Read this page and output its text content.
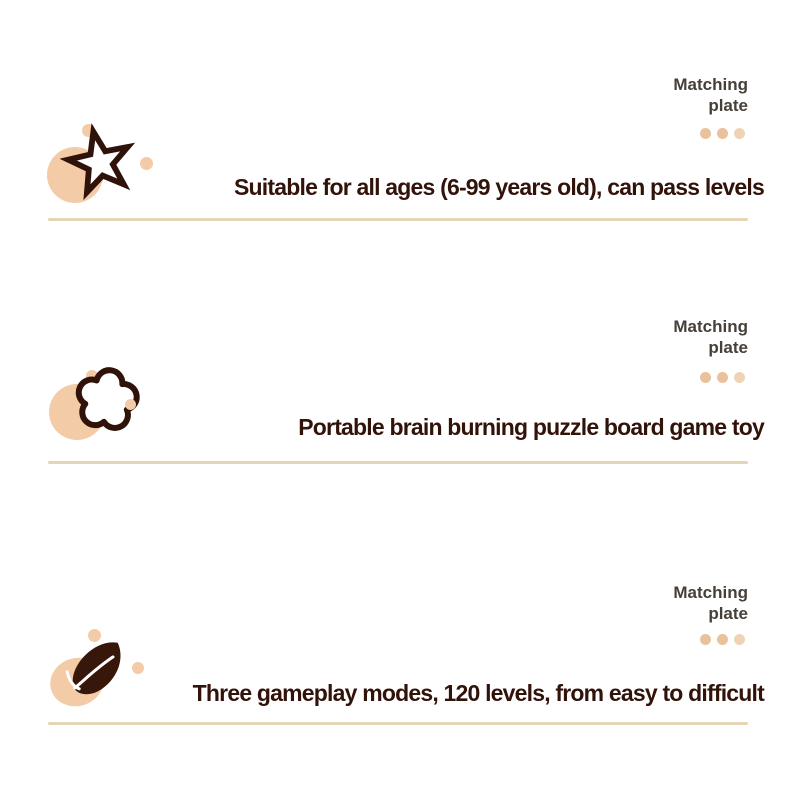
Matching plate
Suitable for all ages (6-99 years old), can pass levels
Matching plate
Portable brain burning puzzle board game toy
Matching plate
Three gameplay modes, 120 levels, from easy to difficult
